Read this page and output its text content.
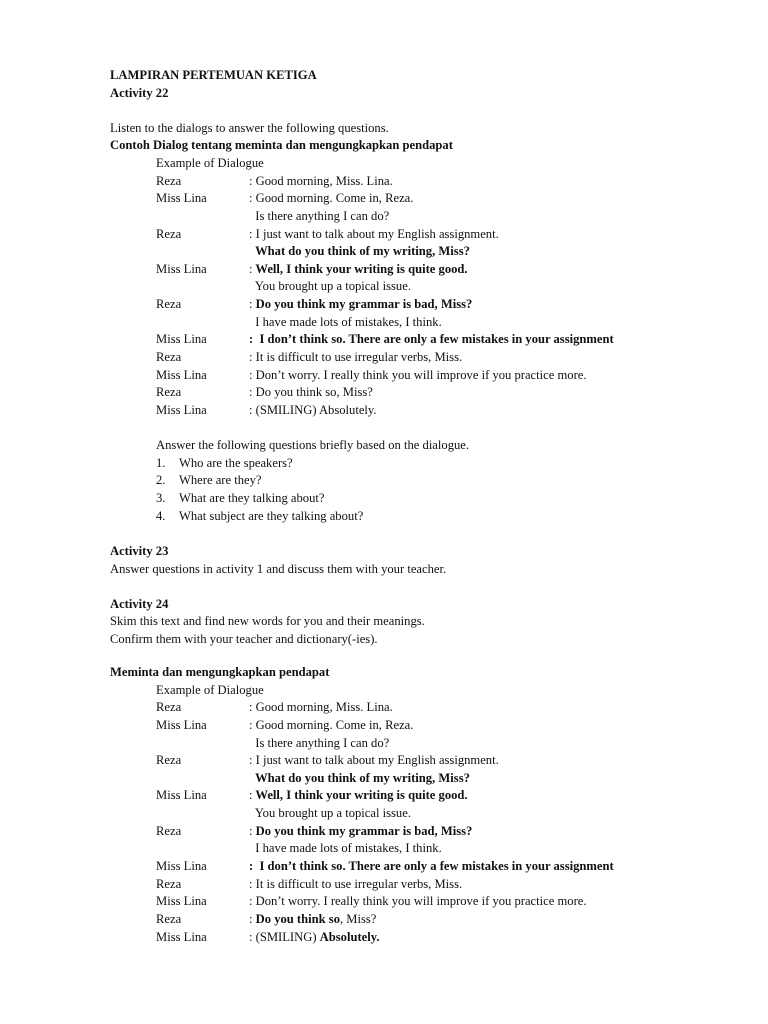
LAMPIRAN PERTEMUAN KETIGA
Activity 22
Listen to the dialogs to answer the following questions.
Contoh Dialog tentang meminta dan mengungkapkan pendapat
Example of Dialogue
Reza	: Good morning, Miss. Lina.
Miss Lina	: Good morning. Come in, Reza.
Is there anything I can do?
Reza	: I just want to talk about my English assignment.
What do you think of my writing, Miss?
Miss Lina	: Well, I think your writing is quite good.
You brought up a topical issue.
Reza	: Do you think my grammar is bad, Miss?
I have made lots of mistakes, I think.
Miss Lina	:  I don’t think so. There are only a few mistakes in your assignment
Reza	: It is difficult to use irregular verbs, Miss.
Miss Lina	: Don’t worry. I really think you will improve if you practice more.
Reza	: Do you think so, Miss?
Miss Lina	: (SMILING) Absolutely.
Answer the following questions briefly based on the dialogue.
1. Who are the speakers?
2. Where are they?
3. What are they talking about?
4. What subject are they talking about?
Activity 23
Answer questions in activity 1 and discuss them with your teacher.
Activity 24
Skim this text and find new words for you and their meanings.
Confirm them with your teacher and dictionary(-ies).
Meminta dan mengungkapkan pendapat
Example of Dialogue
Reza	: Good morning, Miss. Lina.
Miss Lina	: Good morning. Come in, Reza.
Is there anything I can do?
Reza	: I just want to talk about my English assignment.
What do you think of my writing, Miss?
Miss Lina	: Well, I think your writing is quite good.
You brought up a topical issue.
Reza	: Do you think my grammar is bad, Miss?
I have made lots of mistakes, I think.
Miss Lina	:  I don’t think so. There are only a few mistakes in your assignment
Reza	: It is difficult to use irregular verbs, Miss.
Miss Lina	: Don’t worry. I really think you will improve if you practice more.
Reza	: Do you think so, Miss?
Miss Lina	: (SMILING) Absolutely.
